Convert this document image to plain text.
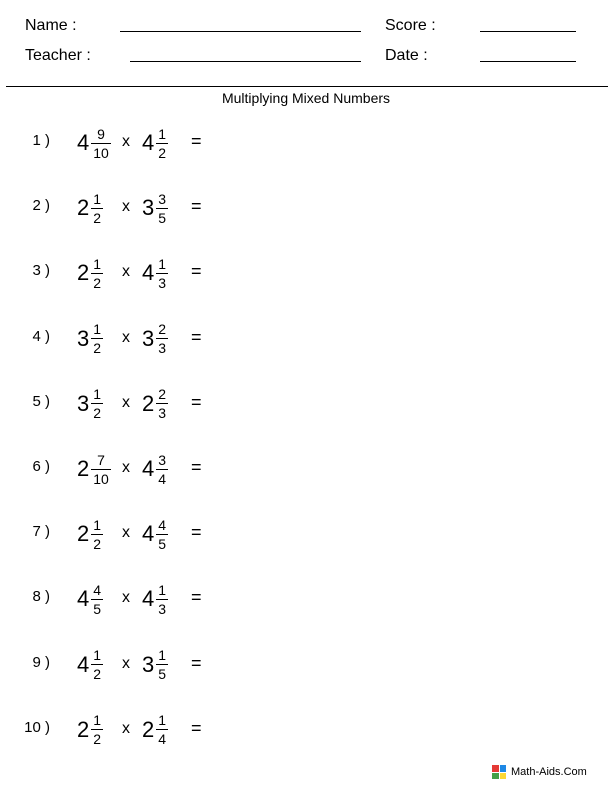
Name :	Score :
Teacher :	Date :
Multiplying Mixed Numbers
1 ) $4 \frac{9}{10}$ x $4 \frac{1}{2}$ =
2 ) $2 \frac{1}{2}$ x $3 \frac{3}{5}$ =
3 ) $2 \frac{1}{2}$ x $4 \frac{1}{3}$ =
4 ) $3 \frac{1}{2}$ x $3 \frac{2}{3}$ =
5 ) $3 \frac{1}{2}$ x $2 \frac{2}{3}$ =
6 ) $2 \frac{7}{10}$ x $4 \frac{3}{4}$ =
7 ) $2 \frac{1}{2}$ x $4 \frac{4}{5}$ =
8 ) $4 \frac{4}{5}$ x $4 \frac{1}{3}$ =
9 ) $4 \frac{1}{2}$ x $3 \frac{1}{5}$ =
10 ) $2 \frac{1}{2}$ x $2 \frac{1}{4}$ =
Math-Aids.Com
